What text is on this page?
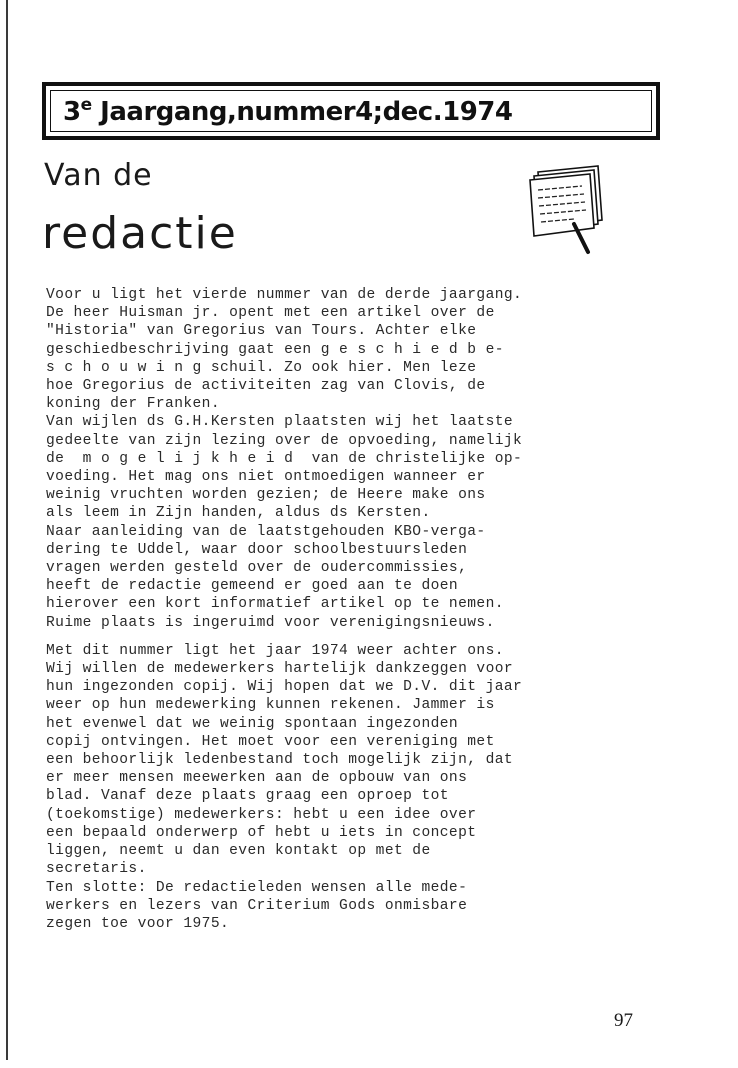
3e Jaargang,nummer4;dec.1974
Van de
redactie
Voor u ligt het vierde nummer van de derde jaargang.
De heer Huisman jr. opent met een artikel over de
"Historia" van Gregorius van Tours. Achter elke
geschiedbeschrijving gaat een g e s c h i e d b e-
s c h o u w i n g schuil. Zo ook hier. Men leze
hoe Gregorius de activiteiten zag van Clovis, de
koning der Franken.
Van wijlen ds G.H.Kersten plaatsten wij het laatste
gedeelte van zijn lezing over de opvoeding, namelijk
de  m o g e l i j k h e i d  van de christelijke op-
voeding. Het mag ons niet ontmoedigen wanneer er
weinig vruchten worden gezien; de Heere make ons
als leem in Zijn handen, aldus ds Kersten.
Naar aanleiding van de laatstgehouden KBO-verga-
dering te Uddel, waar door schoolbestuursleden
vragen werden gesteld over de oudercommissies,
heeft de redactie gemeend er goed aan te doen
hierover een kort informatief artikel op te nemen.
Ruime plaats is ingeruimd voor verenigingsnieuws.
Met dit nummer ligt het jaar 1974 weer achter ons.
Wij willen de medewerkers hartelijk dankzeggen voor
hun ingezonden copij. Wij hopen dat we D.V. dit jaar
weer op hun medewerking kunnen rekenen. Jammer is
het evenwel dat we weinig spontaan ingezonden
copij ontvingen. Het moet voor een vereniging met
een behoorlijk ledenbestand toch mogelijk zijn, dat
er meer mensen meewerken aan de opbouw van ons
blad. Vanaf deze plaats graag een oproep tot
(toekomstige) medewerkers: hebt u een idee over
een bepaald onderwerp of hebt u iets in concept
liggen, neemt u dan even kontakt op met de
secretaris.
Ten slotte: De redactieleden wensen alle mede-
werkers en lezers van Criterium Gods onmisbare
zegen toe voor 1975.
97
